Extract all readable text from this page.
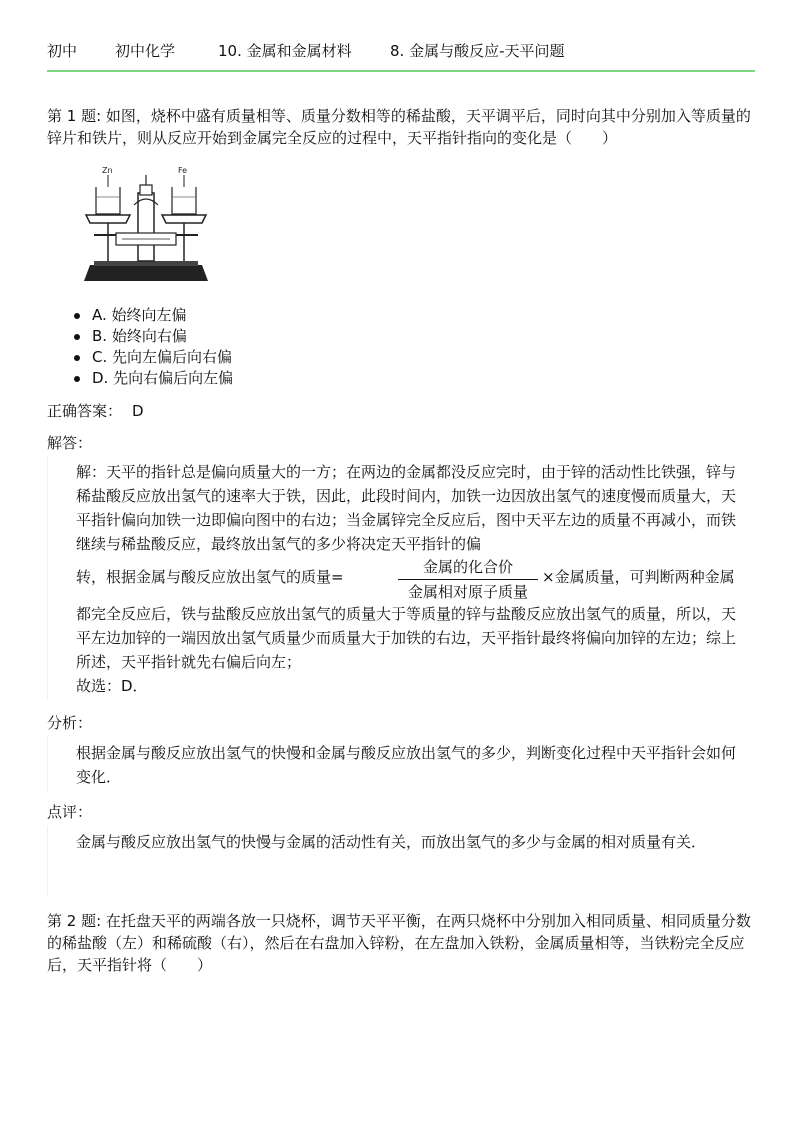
初中	初中化学	10. 金属和金属材料	8. 金属与酸反应-天平问题
第 1 题: 如图，烧杯中盛有质量相等、质量分数相等的稀盐酸，天平调平后，同时向其中分别加入等质量的锌片和铁片，则从反应开始到金属完全反应的过程中，天平指针指向的变化是（　　）
Zn	Fe
A. 始终向左偏
B. 始终向右偏
C. 先向左偏后向右偏
D. 先向右偏后向左偏
正确答案： D
解答：
解：天平的指针总是偏向质量大的一方；在两边的金属都没反应完时，由于锌的活动性比铁强，锌与稀盐酸反应放出氢气的速率大于铁，因此，此段时间内，加铁一边因放出氢气的速度慢而质量大，天平指针偏向加铁一边即偏向图中的右边；当金属锌完全反应后，图中天平左边的质量不再减小，而铁继续与稀盐酸反应，最终放出氢气的多少将决定天平指针的偏
转，根据金属与酸反应放出氢气的质量=
金属的化合价
金属相对原子质量
×金属质量，可判断两种金属
都完全反应后，铁与盐酸反应放出氢气的质量大于等质量的锌与盐酸反应放出氢气的质量，所以，天平左边加锌的一端因放出氢气质量少而质量大于加铁的右边，天平指针最终将偏向加锌的左边；综上所述，天平指针就先右偏后向左；
故选：D．
分析：
根据金属与酸反应放出氢气的快慢和金属与酸反应放出氢气的多少，判断变化过程中天平指针会如何变化．
点评：
金属与酸反应放出氢气的快慢与金属的活动性有关，而放出氢气的多少与金属的相对质量有关．
第 2 题: 在托盘天平的两端各放一只烧杯，调节天平平衡，在两只烧杯中分别加入相同质量、相同质量分数的稀盐酸（左）和稀硫酸（右），然后在右盘加入锌粉，在左盘加入铁粉，金属质量相等，当铁粉完全反应后，天平指针将（　　）
